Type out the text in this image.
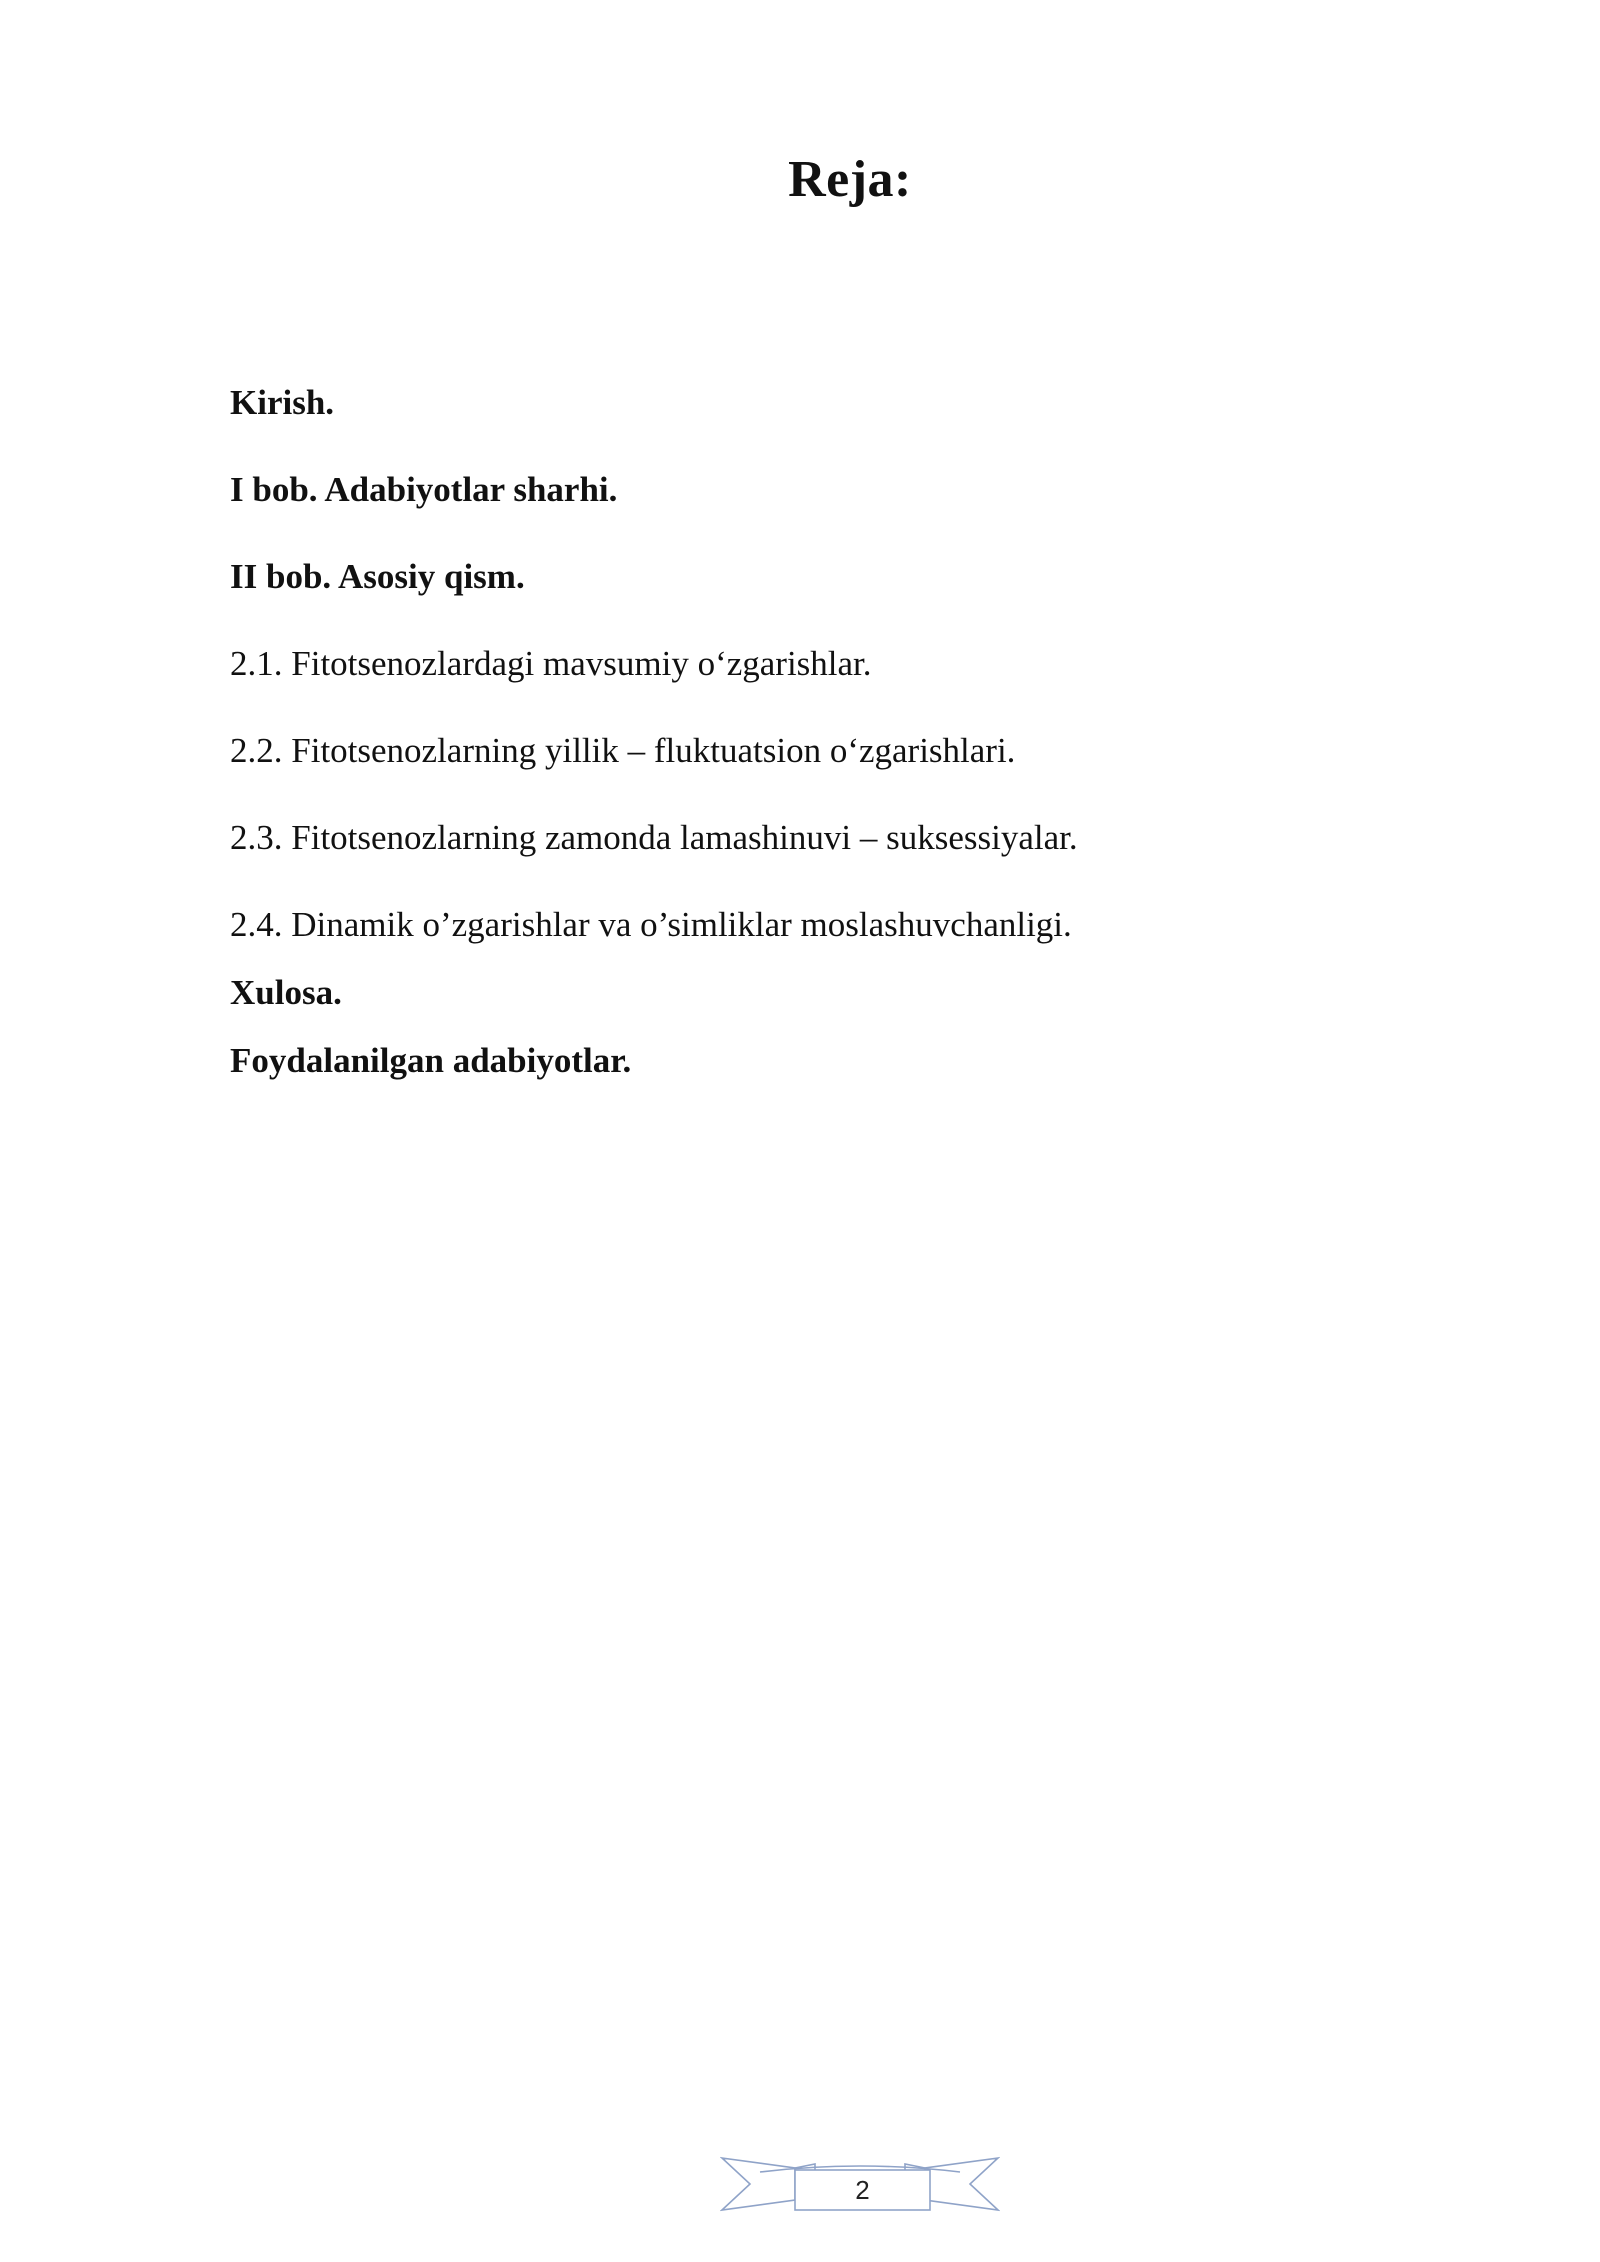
Reja:
Kirish.
I bob. Adabiyotlar sharhi.
II bob. Asosiy qism.
2.1. Fitotsenozlardagi mavsumiy o‘zgarishlar.
2.2. Fitotsenozlarning yillik – fluktuatsion o‘zgarishlari.
2.3. Fitotsenozlarning zamonda lamashinuvi – suksessiyalar.
2.4. Dinamik o’zgarishlar va o’simliklar moslashuvchanligi.
Xulosa.
Foydalanilgan adabiyotlar.
2
